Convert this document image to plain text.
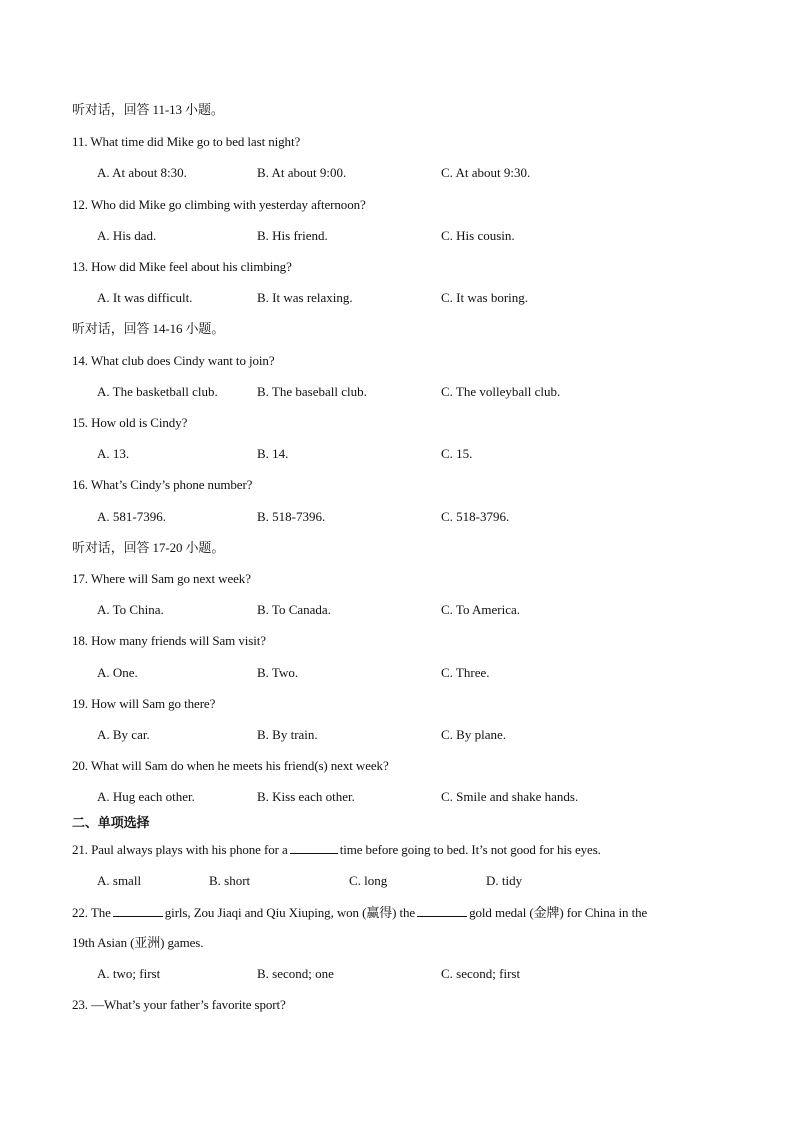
听对话，回答 11-13 小题。
11. What time did Mike go to bed last night?
A. At about 8:30.	B. At about 9:00.	C. At about 9:30.
12. Who did Mike go climbing with yesterday afternoon?
A. His dad.	B. His friend.	C. His cousin.
13. How did Mike feel about his climbing?
A. It was difficult.	B. It was relaxing.	C. It was boring.
听对话，回答 14-16 小题。
14. What club does Cindy want to join?
A. The basketball club.	B. The baseball club.	C. The volleyball club.
15. How old is Cindy?
A. 13.	B. 14.	C. 15.
16. What’s Cindy’s phone number?
A. 581-7396.	B. 518-7396.	C. 518-3796.
听对话，回答 17-20 小题。
17. Where will Sam go next week?
A. To China.	B. To Canada.	C. To America.
18. How many friends will Sam visit?
A. One.	B. Two.	C. Three.
19. How will Sam go there?
A. By car.	B. By train.	C. By plane.
20. What will Sam do when he meets his friend(s) next week?
A. Hug each other.	B. Kiss each other.	C. Smile and shake hands.
二、单项选择
21. Paul always plays with his phone for a	time before going to bed. It’s not good for his eyes.
A. small	B. short	C. long	D. tidy
22. The	girls, Zou Jiaqi and Qiu Xiuping, won (赢得) the	gold medal (金牌) for China in the
19th Asian (亚洲) games.
A. two; first	B. second; one	C. second; first
23. —What’s your father’s favorite sport?
